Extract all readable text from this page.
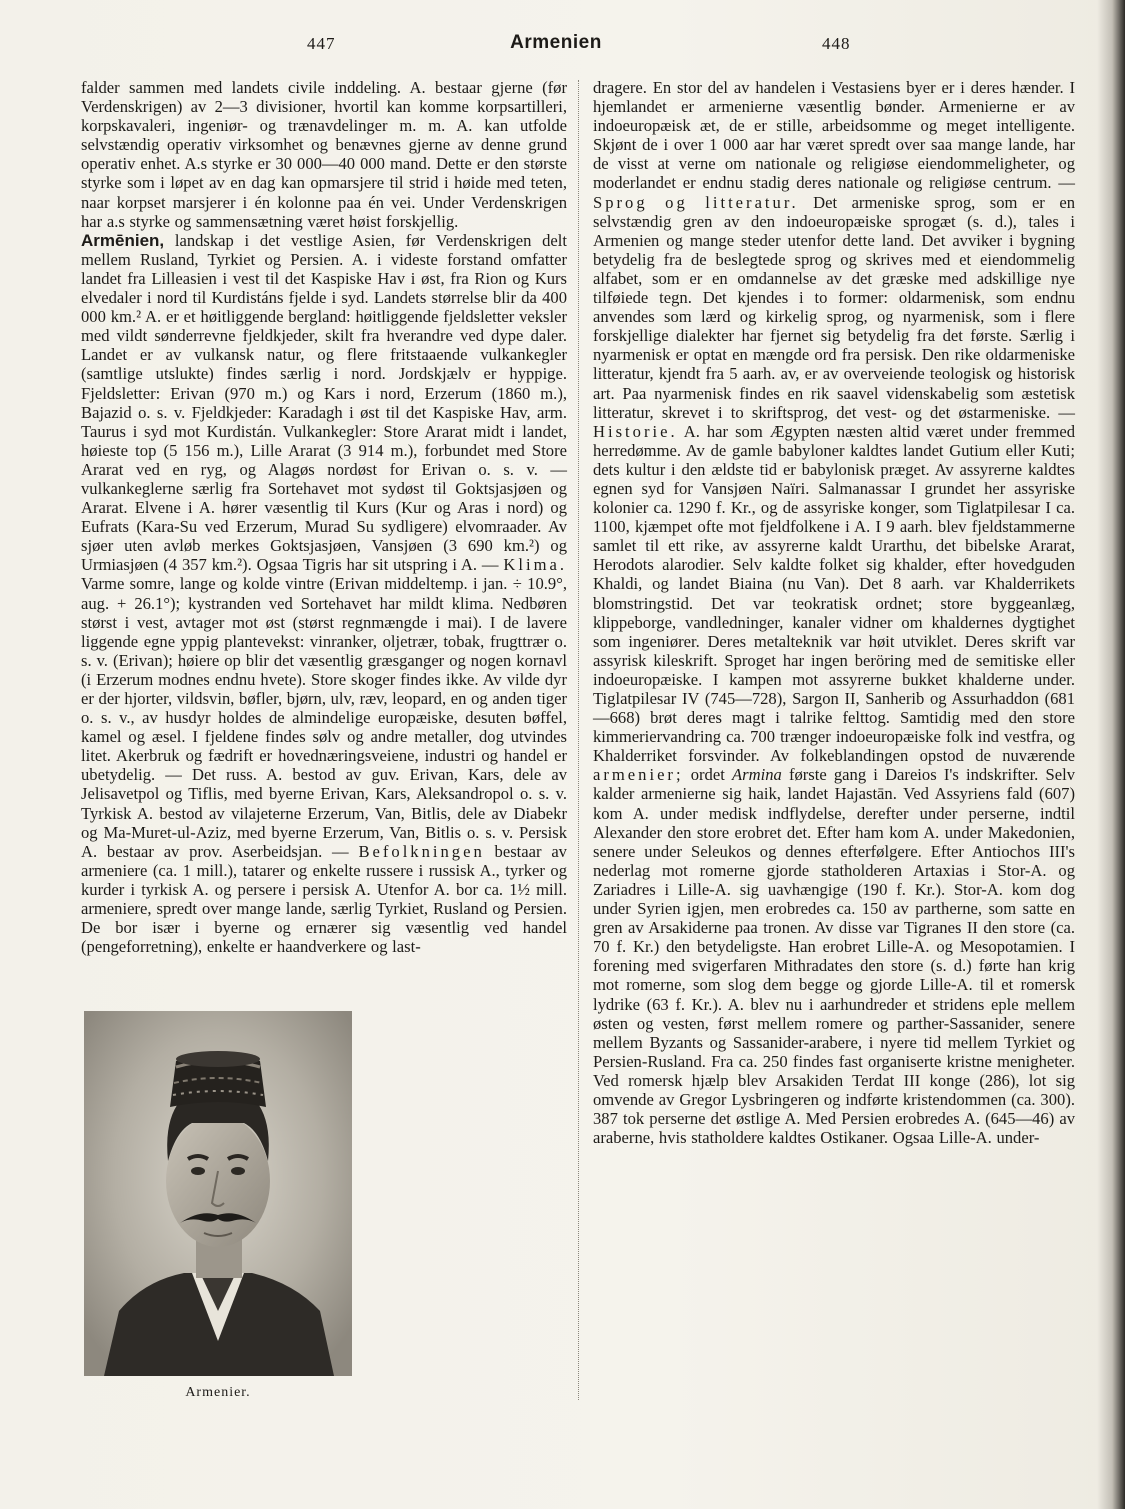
447	Armenien	448

falder sammen med landets civile inddeling. A. bestaar gjerne (før Verdenskrigen) av 2—3 divisioner, hvortil kan komme korpsartilleri, korpskavaleri, ingeniør- og trænavdelinger m. m. A. kan utfolde selvstændig operativ virksomhet og benævnes gjerne av denne grund operativ enhet. A.s styrke er 30 000—40 000 mand. Dette er den største styrke som i løpet av en dag kan opmarsjere til strid i høide med teten, naar korpset marsjerer i én kolonne paa én vei. Under Verdenskrigen har a.s styrke og sammensætning været høist forskjellig.

Armēnien, landskap i det vestlige Asien, før Verdenskrigen delt mellem Rusland, Tyrkiet og Persien. A. i videste forstand omfatter landet fra Lilleasien i vest til det Kaspiske Hav i øst, fra Rion og Kurs elvedaler i nord til Kurdistáns fjelde i syd. Landets størrelse blir da 400 000 km.² A. er et høitliggende bergland: høitliggende fjeldsletter veksler med vildt sønderrevne fjeldkjeder, skilt fra hverandre ved dype daler. Landet er av vulkansk natur, og flere fritstaaende vulkankegler (samtlige utslukte) findes særlig i nord. Jordskjælv er hyppige. Fjeldsletter: Erivan (970 m.) og Kars i nord, Erzerum (1860 m.), Bajazid o. s. v. Fjeldkjeder: Karadagh i øst til det Kaspiske Hav, arm. Taurus i syd mot Kurdistán. Vulkankegler: Store Ararat midt i landet, høieste top (5 156 m.), Lille Ararat (3 914 m.), forbundet med Store Ararat ved en ryg, og Alagøs nordøst for Erivan o. s. v. — vulkankeglerne særlig fra Sortehavet mot sydøst til Goktsjasjøen og Ararat. Elvene i A. hører væsentlig til Kurs (Kur og Aras i nord) og Eufrats (Kara-Su ved Erzerum, Murad Su sydligere) elvomraader. Av sjøer uten avløb merkes Goktsjasjøen, Vansjøen (3 690 km.²) og Urmiasjøen (4 357 km.²). Ogsaa Tigris har sit utspring i A. — Klima. Varme somre, lange og kolde vintre (Erivan middeltemp. i jan. ÷ 10.9°, aug. + 26.1°); kystranden ved Sortehavet har mildt klima. Nedbøren størst i vest, avtager mot øst (størst regnmængde i mai). I de lavere liggende egne yppig plantevekst: vinranker, oljetrær, tobak, frugttrær o. s. v. (Erivan); høiere op blir det væsentlig græsganger og nogen kornavl (i Erzerum modnes endnu hvete). Store skoger findes ikke. Av vilde dyr er der hjorter, vildsvin, bøfler, bjørn, ulv, ræv, leopard, en og anden tiger o. s. v., av husdyr holdes de almindelige europæiske, desuten bøffel, kamel og æsel. I fjeldene findes sølv og andre metaller, dog utvindes litet. Akerbruk og fædrift er hovednæringsveiene, industri og handel er ubetydelig. — Det russ. A. bestod av guv. Erivan, Kars, dele av Jelisavetpol og Tiflis, med byerne Erivan, Kars, Aleksandropol o. s. v. Tyrkisk A. bestod av vilajeterne Erzerum, Van, Bitlis, dele av Diabekr og Ma-Muret-ul-Aziz, med byerne Erzerum, Van, Bitlis o. s. v. Persisk A. bestaar av prov. Aserbeidsjan. — Befolkningen bestaar av armeniere (ca. 1 mill.), tatarer og enkelte russere i russisk A., tyrker og kurder i tyrkisk A. og persere i persisk A. Utenfor A. bor ca. 1½ mill. armeniere, spredt over mange lande, særlig Tyrkiet, Rusland og Persien. De bor især i byerne og ernærer sig væsentlig ved handel (pengeforretning), enkelte er haandverkere og last-

Armenier.

dragere. En stor del av handelen i Vestasiens byer er i deres hænder. I hjemlandet er armenierne væsentlig bønder. Armenierne er av indoeuropæisk æt, de er stille, arbeidsomme og meget intelligente. Skjønt de i over 1 000 aar har været spredt over saa mange lande, har de visst at verne om nationale og religiøse eiendommeligheter, og moderlandet er endnu stadig deres nationale og religiøse centrum. — Sprog og litteratur. Det armeniske sprog, som er en selvstændig gren av den indoeuropæiske sprogæt (s. d.), tales i Armenien og mange steder utenfor dette land. Det avviker i bygning betydelig fra de beslegtede sprog og skrives med et eiendommelig alfabet, som er en omdannelse av det græske med adskillige nye tilføiede tegn. Det kjendes i to former: oldarmenisk, som endnu anvendes som lærd og kirkelig sprog, og nyarmenisk, som i flere forskjellige dialekter har fjernet sig betydelig fra det første. Særlig i nyarmenisk er optat en mængde ord fra persisk. Den rike oldarmeniske litteratur, kjendt fra 5 aarh. av, er av overveiende teologisk og historisk art. Paa nyarmenisk findes en rik saavel videnskabelig som æstetisk litteratur, skrevet i to skriftsprog, det vest- og det østarmeniske. — Historie. A. har som Ægypten næsten altid været under fremmed herredømme. Av de gamle babyloner kaldtes landet Gutium eller Kuti; dets kultur i den ældste tid er babylonisk præget. Av assyrerne kaldtes egnen syd for Vansjøen Naïri. Salmanassar I grundet her assyriske kolonier ca. 1290 f. Kr., og de assyriske konger, som Tiglatpilesar I ca. 1100, kjæmpet ofte mot fjeldfolkene i A. I 9 aarh. blev fjeldstammerne samlet til ett rike, av assyrerne kaldt Urarthu, det bibelske Ararat, Herodots alarodier. Selv kaldte folket sig khalder, efter hovedguden Khaldi, og landet Biaina (nu Van). Det 8 aarh. var Khalderrikets blomstringstid. Det var teokratisk ordnet; store byggeanlæg, klippeborge, vandledninger, kanaler vidner om khaldernes dygtighet som ingeniører. Deres metalteknik var høit utviklet. Deres skrift var assyrisk kileskrift. Sproget har ingen beröring med de semitiske eller indoeuropæiske. I kampen mot assyrerne bukket khalderne under. Tiglatpilesar IV (745—728), Sargon II, Sanherib og Assurhaddon (681—668) brøt deres magt i talrike felttog. Samtidig med den store kimmeriervandring ca. 700 trænger indoeuropæiske folk ind vestfra, og Khalderriket forsvinder. Av folkeblandingen opstod de nuværende armenier; ordet Armina første gang i Dareios I's indskrifter. Selv kalder armenierne sig haik, landet Hajastān. Ved Assyriens fald (607) kom A. under medisk indflydelse, derefter under perserne, indtil Alexander den store erobret det. Efter ham kom A. under Makedonien, senere under Seleukos og dennes efterfølgere. Efter Antiochos III's nederlag mot romerne gjorde statholderen Artaxias i Stor-A. og Zariadres i Lille-A. sig uavhængige (190 f. Kr.). Stor-A. kom dog under Syrien igjen, men erobredes ca. 150 av partherne, som satte en gren av Arsakiderne paa tronen. Av disse var Tigranes II den store (ca. 70 f. Kr.) den betydeligste. Han erobret Lille-A. og Mesopotamien. I forening med svigerfaren Mithradates den store (s. d.) førte han krig mot romerne, som slog dem begge og gjorde Lille-A. til et romersk lydrike (63 f. Kr.). A. blev nu i aarhundreder et stridens eple mellem østen og vesten, først mellem romere og parther-Sassanider, senere mellem Byzants og Sassanider-arabere, i nyere tid mellem Tyrkiet og Persien-Rusland. Fra ca. 250 findes fast organiserte kristne menigheter. Ved romersk hjælp blev Arsakiden Terdat III konge (286), lot sig omvende av Gregor Lysbringeren og indførte kristendommen (ca. 300). 387 tok perserne det østlige A. Med Persien erobredes A. (645—46) av araberne, hvis statholdere kaldtes Ostikaner. Ogsaa Lille-A. under-
